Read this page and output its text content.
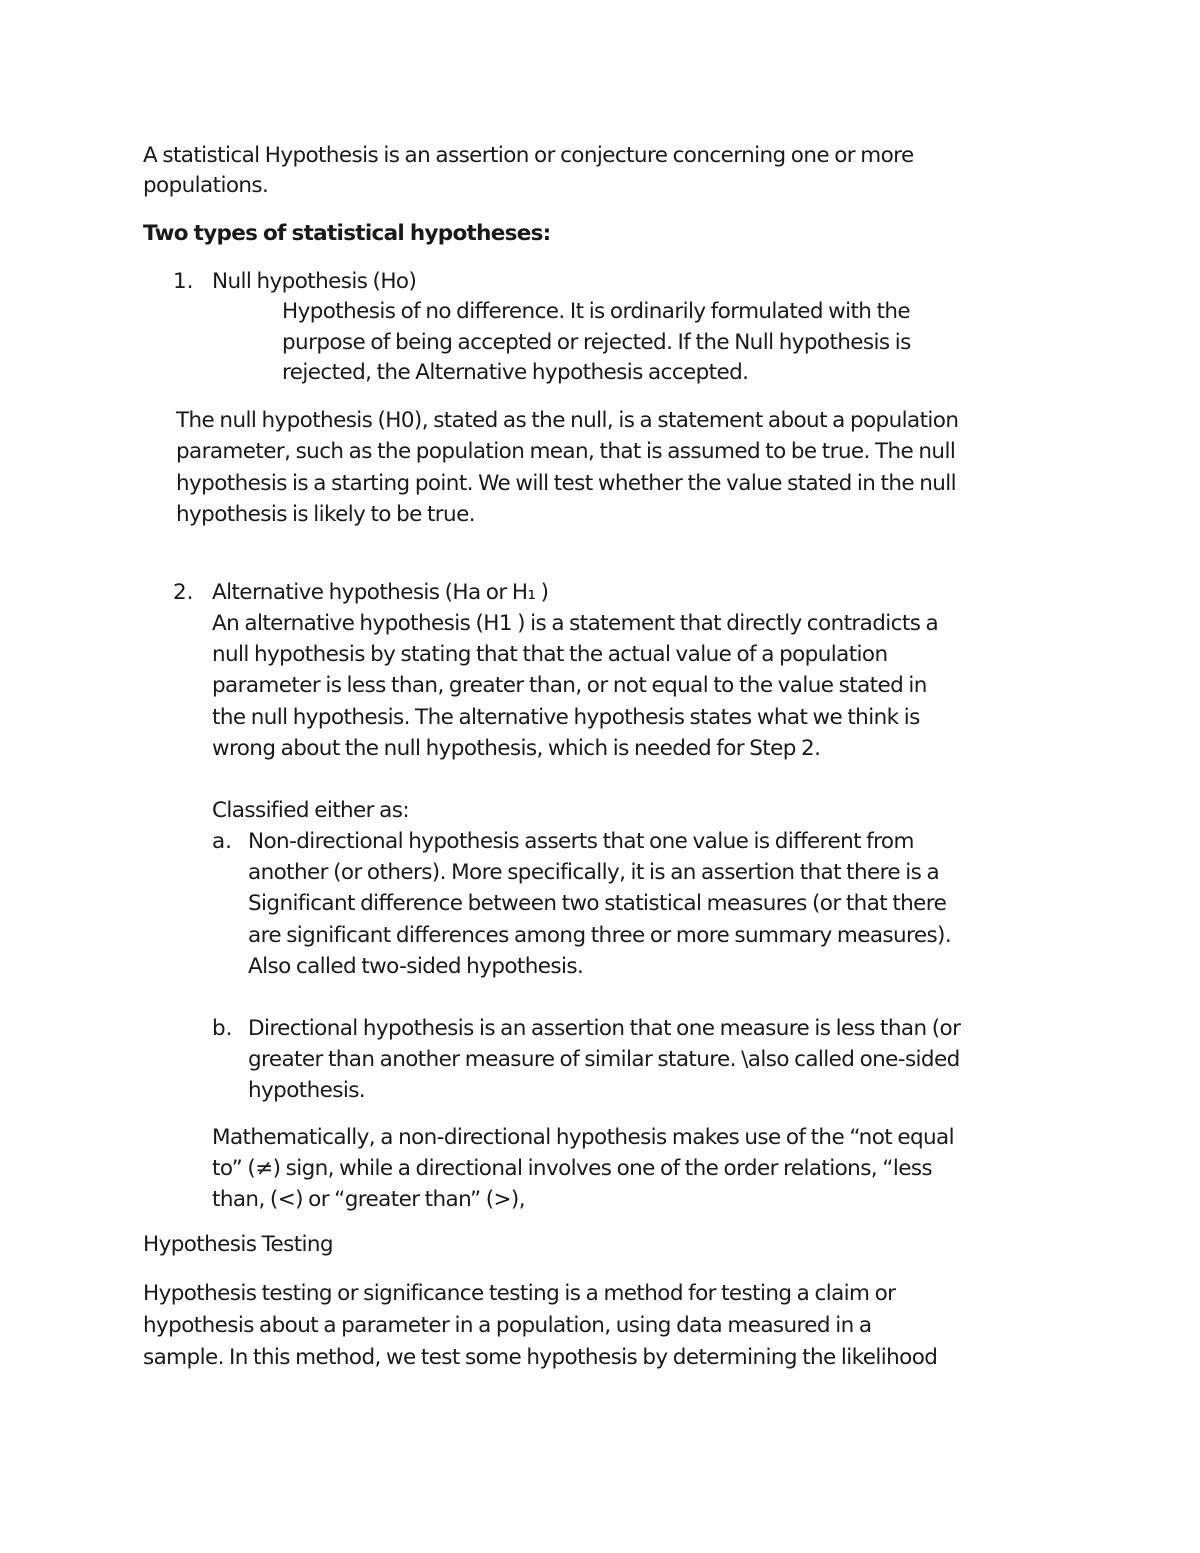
A statistical Hypothesis is an assertion or conjecture concerning one or more

populations.

Two types of statistical hypotheses:

1. Null hypothesis (Ho)

Hypothesis of no difference. It is ordinarily formulated with the

purpose of being accepted or rejected. If the Null hypothesis is

rejected, the Alternative hypothesis accepted.

The null hypothesis (H0), stated as the null, is a statement about a population

parameter, such as the population mean, that is assumed to be true. The null

hypothesis is a starting point. We will test whether the value stated in the null

hypothesis is likely to be true.

2. Alternative hypothesis (Ha or H₁ )

An alternative hypothesis (H1 ) is a statement that directly contradicts a

null hypothesis by stating that that the actual value of a population

parameter is less than, greater than, or not equal to the value stated in

the null hypothesis. The alternative hypothesis states what we think is

wrong about the null hypothesis, which is needed for Step 2.

Classified either as:

a. Non-directional hypothesis asserts that one value is different from

another (or others). More specifically, it is an assertion that there is a

Significant difference between two statistical measures (or that there

are significant differences among three or more summary measures).

Also called two-sided hypothesis.

b. Directional hypothesis is an assertion that one measure is less than (or

greater than another measure of similar stature. \also called one-sided

hypothesis.

Mathematically, a non-directional hypothesis makes use of the “not equal

to” (≠) sign, while a directional involves one of the order relations, “less

than, (<) or “greater than” (>),

Hypothesis Testing

Hypothesis testing or significance testing is a method for testing a claim or

hypothesis about a parameter in a population, using data measured in a

sample. In this method, we test some hypothesis by determining the likelihood
